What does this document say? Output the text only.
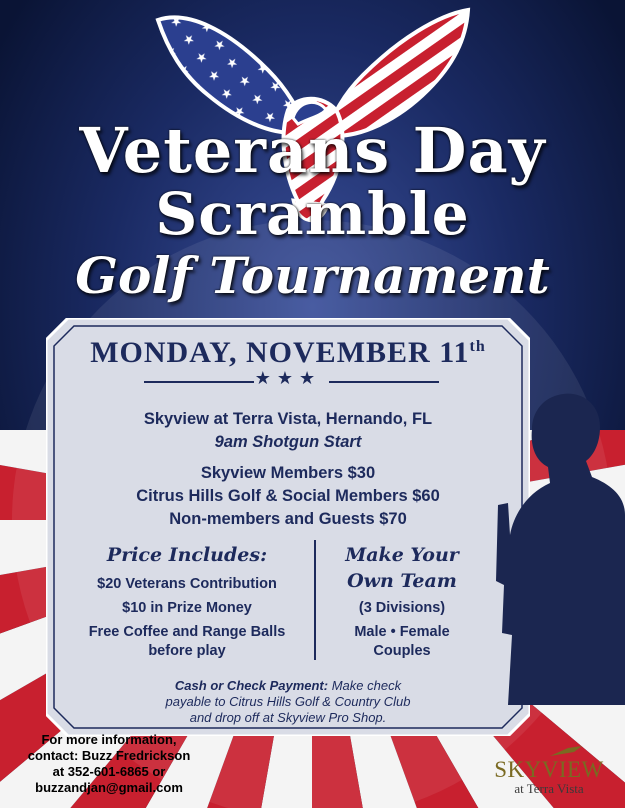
Veterans Day
Scramble
Golf Tournament
MONDAY, NOVEMBER 11th
★★★
Skyview at Terra Vista, Hernando, FL
9am Shotgun Start
Skyview Members $30
Citrus Hills Golf & Social Members $60
Non-members and Guests $70
Price Includes:
$20 Veterans Contribution
$10 in Prize Money
Free Coffee and Range Balls
before play
Make Your
Own Team
(3 Divisions)
Male • Female
Couples
Cash or Check Payment: Make check
payable to Citrus Hills Golf & Country Club
and drop off at Skyview Pro Shop.
For more information,
contact: Buzz Fredrickson
at 352-601-6865 or
buzzandjan@gmail.com
SKYVIEW
at Terra Vista
